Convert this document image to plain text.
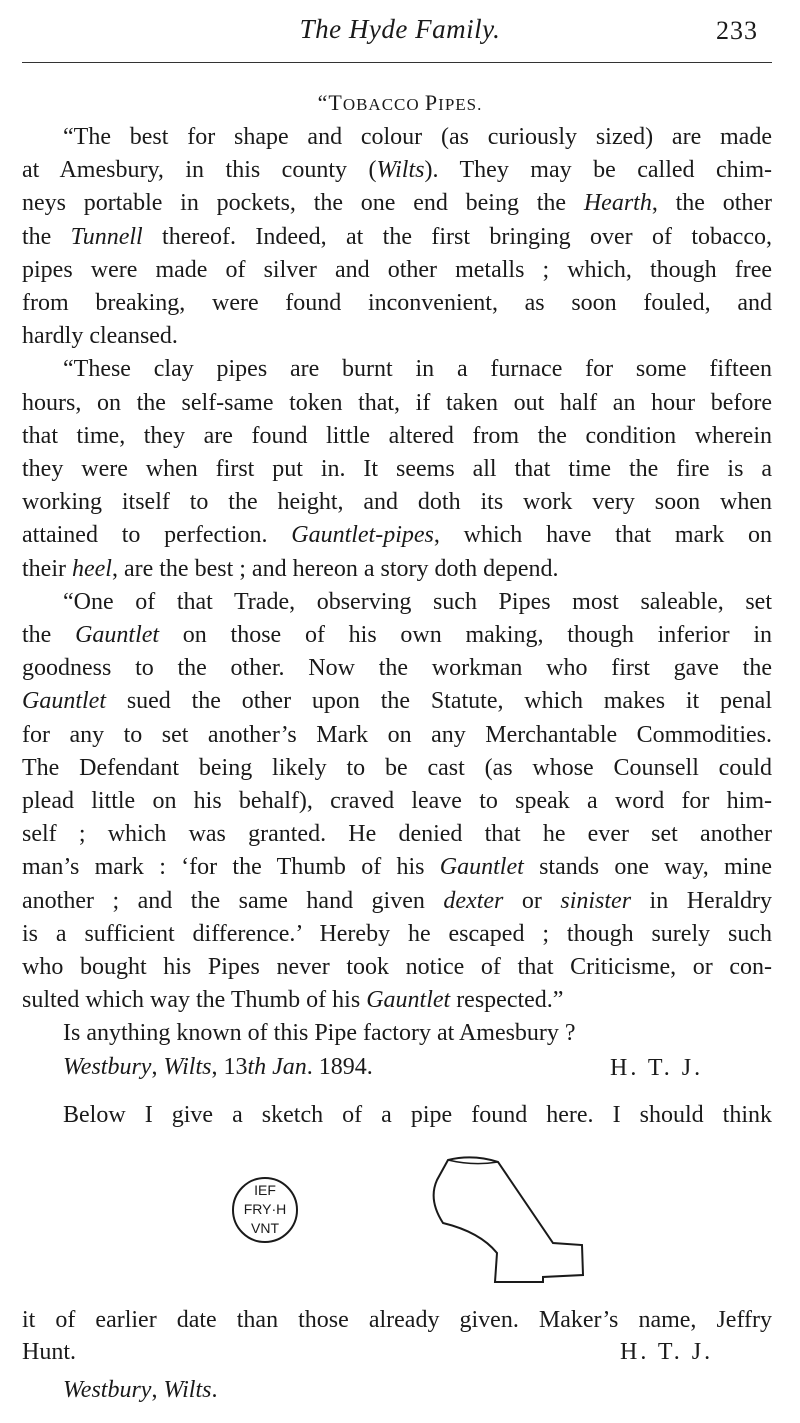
The Hyde Family.	233
“TOBACCO PIPES.
“The best for shape and colour (as curiously sized) are made
at Amesbury, in this county (Wilts). They may be called chim-
neys portable in pockets, the one end being the Hearth, the other
the Tunnell thereof. Indeed, at the first bringing over of tobacco,
pipes were made of silver and other metalls ; which, though free
from breaking, were found inconvenient, as soon fouled, and
hardly cleansed.
“These clay pipes are burnt in a furnace for some fifteen
hours, on the self-same token that, if taken out half an hour before
that time, they are found little altered from the condition wherein
they were when first put in. It seems all that time the fire is a
working itself to the height, and doth its work very soon when
attained to perfection. Gauntlet-pipes, which have that mark on
their heel, are the best ; and hereon a story doth depend.
“One of that Trade, observing such Pipes most saleable, set
the Gauntlet on those of his own making, though inferior in
goodness to the other. Now the workman who first gave the
Gauntlet sued the other upon the Statute, which makes it penal
for any to set another’s Mark on any Merchantable Commodities.
The Defendant being likely to be cast (as whose Counsell could
plead little on his behalf), craved leave to speak a word for him-
self ; which was granted. He denied that he ever set another
man’s mark : ‘for the Thumb of his Gauntlet stands one way, mine
another ; and the same hand given dexter or sinister in Heraldry
is a sufficient difference.’ Hereby he escaped ; though surely such
who bought his Pipes never took notice of that Criticisme, or con-
sulted which way the Thumb of his Gauntlet respected.”
Is anything known of this Pipe factory at Amesbury ?
Westbury, Wilts, 13th Jan. 1894.
Below I give a sketch of a pipe found here. I should think
it of earlier date than those already given. Maker’s name, Jeffry
Hunt.
Westbury, Wilts.
H. T. J.
H. T. J.
IEF
FRY·H
VNT
